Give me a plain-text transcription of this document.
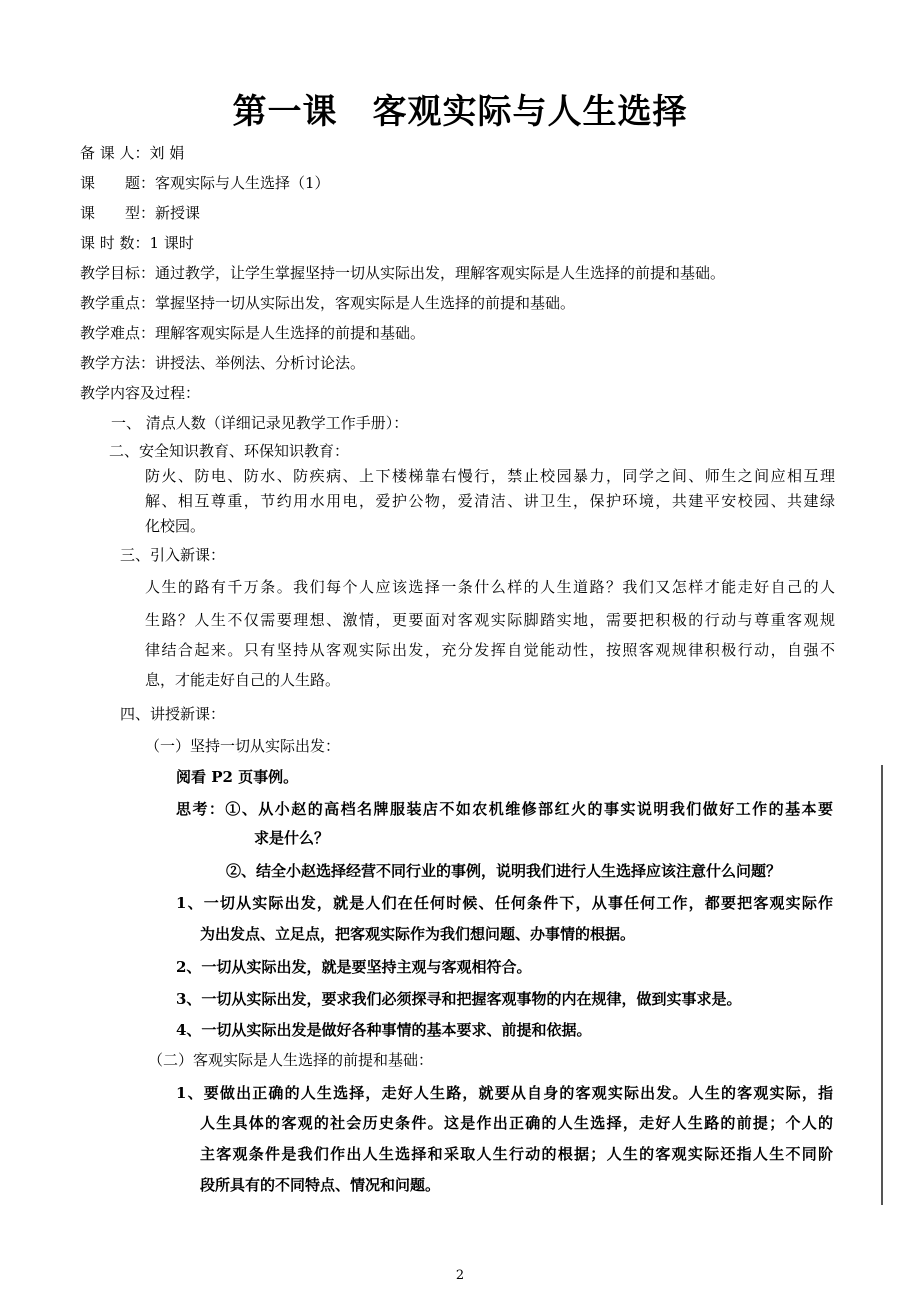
第一课　客观实际与人生选择
备 课 人：刘 娟
课　　题：客观实际与人生选择（1）
课　　型：新授课
课 时 数：1 课时
教学目标：通过教学，让学生掌握坚持一切从实际出发，理解客观实际是人生选择的前提和基础。
教学重点：掌握坚持一切从实际出发，客观实际是人生选择的前提和基础。
教学难点：理解客观实际是人生选择的前提和基础。
教学方法：讲授法、举例法、分析讨论法。
教学内容及过程：
一、 清点人数（详细记录见教学工作手册）：
二、安全知识教育、环保知识教育：
防火、防电、防水、防疾病、上下楼梯靠右慢行，禁止校园暴力，同学之间、师生之间应相互理
解、相互尊重，节约用水用电，爱护公物，爱清洁、讲卫生，保护环境，共建平安校园、共建绿
化校园。
三、引入新课：
人生的路有千万条。我们每个人应该选择一条什么样的人生道路？我们又怎样才能走好自己的人
生路？人生不仅需要理想、激情，更要面对客观实际脚踏实地，需要把积极的行动与尊重客观规
律结合起来。只有坚持从客观实际出发，充分发挥自觉能动性，按照客观规律积极行动，自强不
息，才能走好自己的人生路。
四、讲授新课：
（一）坚持一切从实际出发：
阅看 P2 页事例。
思考：①、从小赵的高档名牌服装店不如农机维修部红火的事实说明我们做好工作的基本要
求是什么？
②、结全小赵选择经营不同行业的事例，说明我们进行人生选择应该注意什么问题？
1、一切从实际出发，就是人们在任何时候、任何条件下，从事任何工作，都要把客观实际作
为出发点、立足点，把客观实际作为我们想问题、办事情的根据。
2、一切从实际出发，就是要坚持主观与客观相符合。
3、一切从实际出发，要求我们必须探寻和把握客观事物的内在规律，做到实事求是。
4、一切从实际出发是做好各种事情的基本要求、前提和依据。
（二）客观实际是人生选择的前提和基础：
1、要做出正确的人生选择，走好人生路，就要从自身的客观实际出发。人生的客观实际，指
人生具体的客观的社会历史条件。这是作出正确的人生选择，走好人生路的前提；个人的
主客观条件是我们作出人生选择和采取人生行动的根据；人生的客观实际还指人生不同阶
段所具有的不同特点、情况和问题。
2
